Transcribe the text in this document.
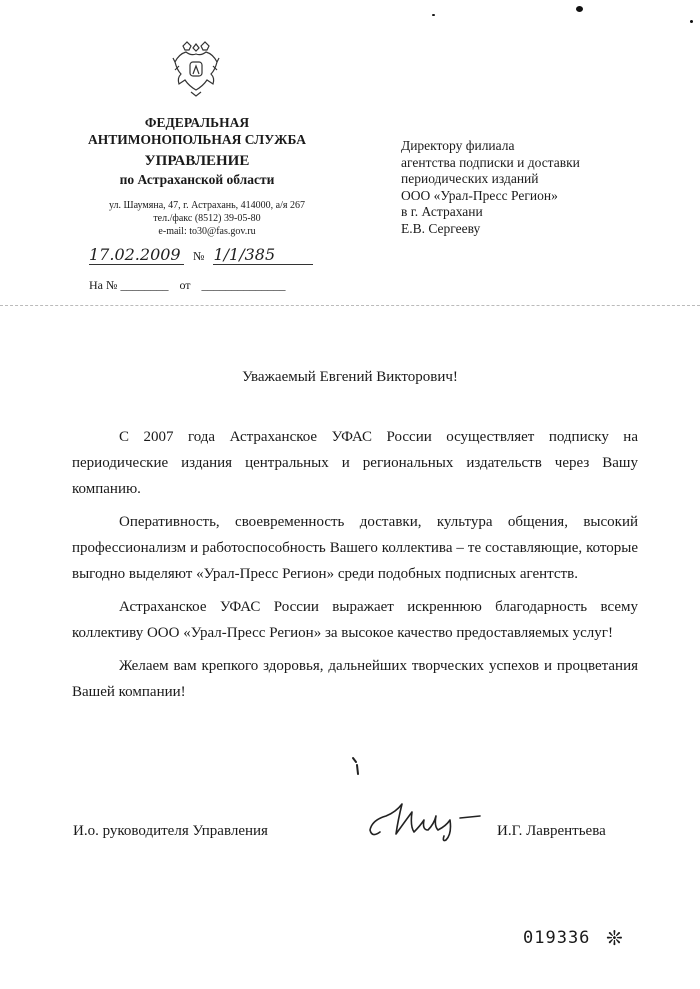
ФЕДЕРАЛЬНАЯ
АНТИМОНОПОЛЬНАЯ СЛУЖБА
УПРАВЛЕНИЕ
по Астраханской области
ул. Шаумяна, 47, г. Астрахань, 414000, а/я 267
тел./факс (8512) 39-05-80
e-mail: to30@fas.gov.ru
17.02.2009 № 1/1/385
На № ________ от ______________
Директору филиала
агентства подписки и доставки
периодических изданий
ООО «Урал-Пресс Регион»
в г. Астрахани
Е.В. Сергееву
Уважаемый Евгений Викторович!

С 2007 года Астраханское УФАС России осуществляет подписку на периодические издания центральных и региональных издательств через Вашу компанию.

Оперативность, своевременность доставки, культура общения, высокий профессионализм и работоспособность Вашего коллектива – те составляющие, которые выгодно выделяют «Урал-Пресс Регион» среди подобных подписных агентств.

Астраханское УФАС России выражает искреннюю благодарность всему коллективу ООО «Урал-Пресс Регион» за высокое качество предоставляемых услуг!

Желаем вам крепкого здоровья, дальнейших творческих успехов и процветания Вашей компании!

И.о. руководителя Управления	И.Г. Лаврентьева
019336 ❊
